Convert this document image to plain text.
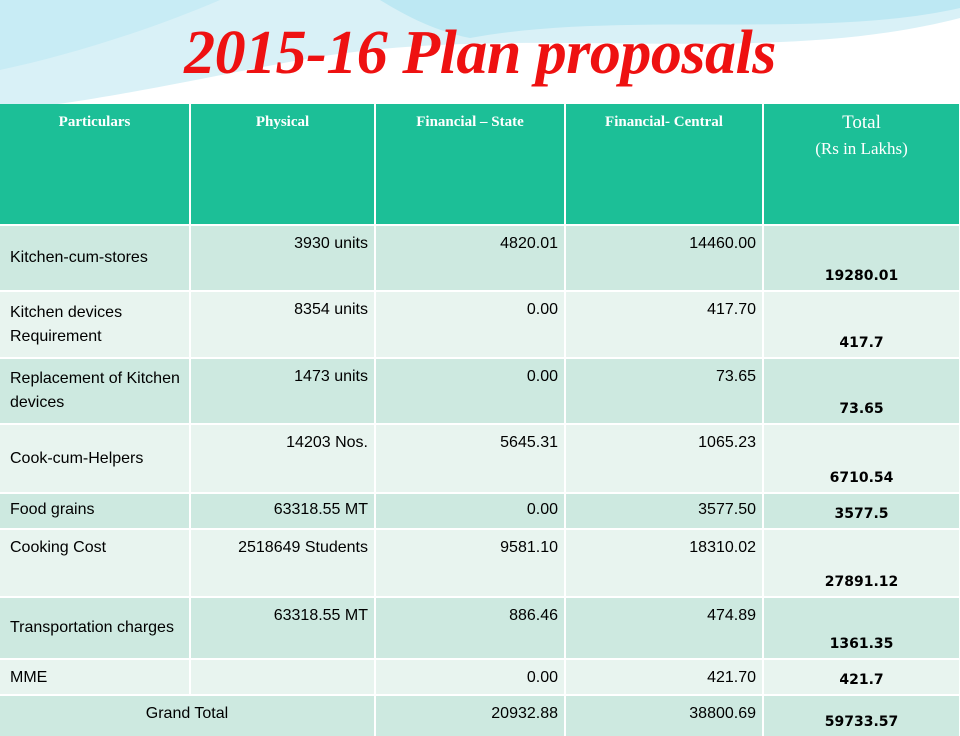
2015-16 Plan proposals
Particulars	Physical	Financial – State	Financial- Central	Total
(Rs in Lakhs)

Kitchen-cum-stores	3930 units	4820.01	14460.00	19280.01
Kitchen devices Requirement	8354 units	0.00	417.70	417.7
Replacement of Kitchen devices	1473 units	0.00	73.65	73.65
Cook-cum-Helpers	14203 Nos.	5645.31	1065.23	6710.54
Food grains	63318.55 MT	0.00	3577.50	3577.5
Cooking Cost	2518649 Students	9581.10	18310.02	27891.12
Transportation charges	63318.55 MT	886.46	474.89	1361.35
MME		0.00	421.70	421.7
Grand Total		20932.88	38800.69	59733.57
